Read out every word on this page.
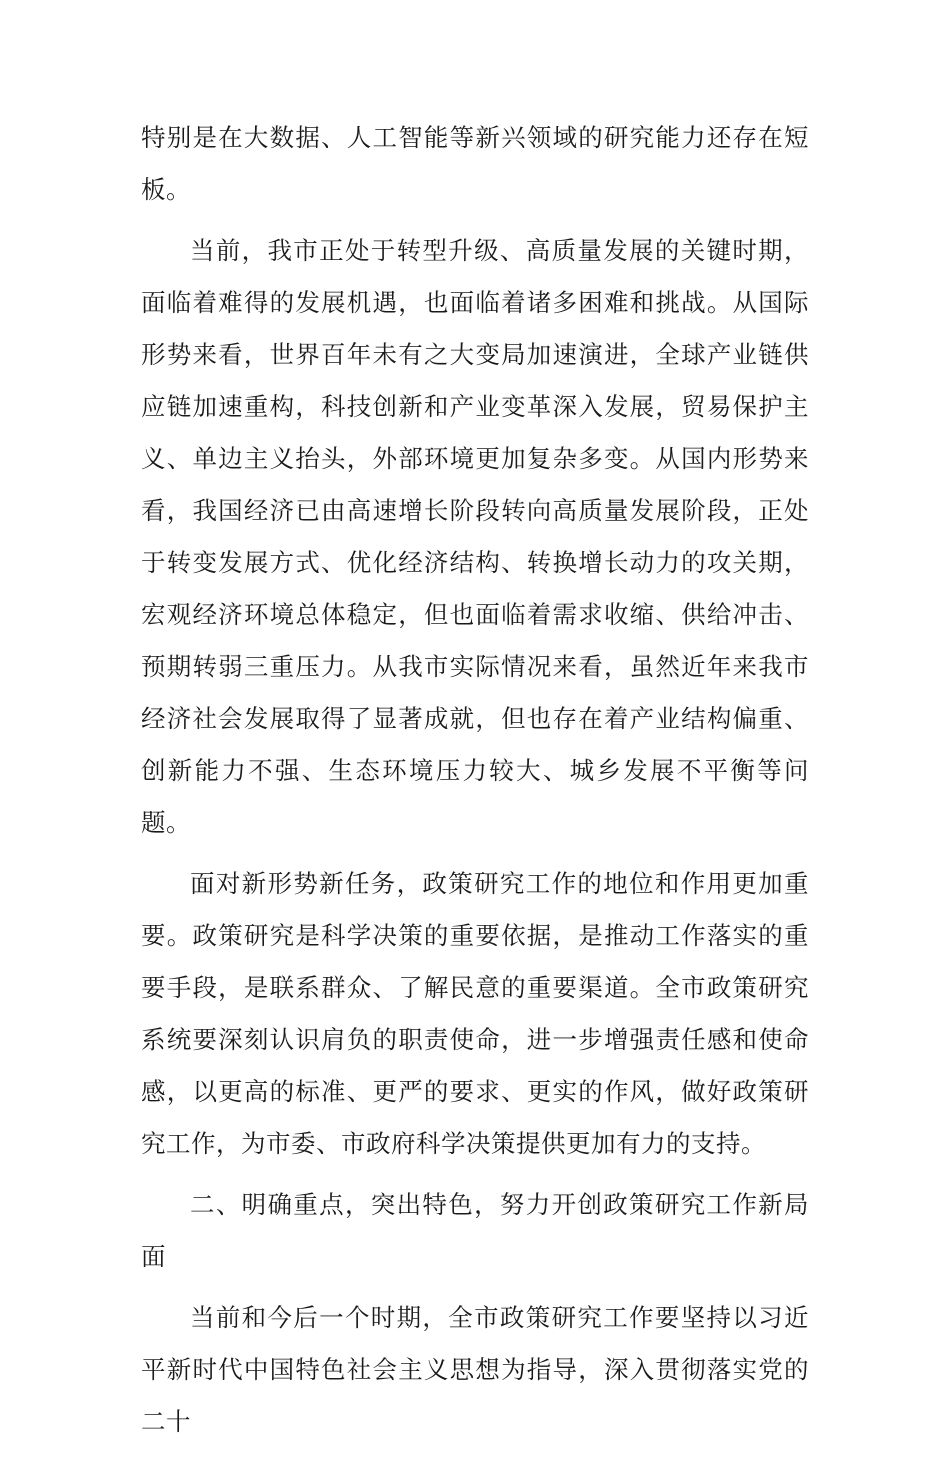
特别是在大数据、人工智能等新兴领域的研究能力还存在短板。

当前，我市正处于转型升级、高质量发展的关键时期，面临着难得的发展机遇，也面临着诸多困难和挑战。从国际形势来看，世界百年未有之大变局加速演进，全球产业链供应链加速重构，科技创新和产业变革深入发展，贸易保护主义、单边主义抬头，外部环境更加复杂多变。从国内形势来看，我国经济已由高速增长阶段转向高质量发展阶段，正处于转变发展方式、优化经济结构、转换增长动力的攻关期，宏观经济环境总体稳定，但也面临着需求收缩、供给冲击、预期转弱三重压力。从我市实际情况来看，虽然近年来我市经济社会发展取得了显著成就，但也存在着产业结构偏重、创新能力不强、生态环境压力较大、城乡发展不平衡等问题。

面对新形势新任务，政策研究工作的地位和作用更加重要。政策研究是科学决策的重要依据，是推动工作落实的重要手段，是联系群众、了解民意的重要渠道。全市政策研究系统要深刻认识肩负的职责使命，进一步增强责任感和使命感，以更高的标准、更严的要求、更实的作风，做好政策研究工作，为市委、市政府科学决策提供更加有力的支持。

二、明确重点，突出特色，努力开创政策研究工作新局面

当前和今后一个时期，全市政策研究工作要坚持以习近平新时代中国特色社会主义思想为指导，深入贯彻落实党的二十
